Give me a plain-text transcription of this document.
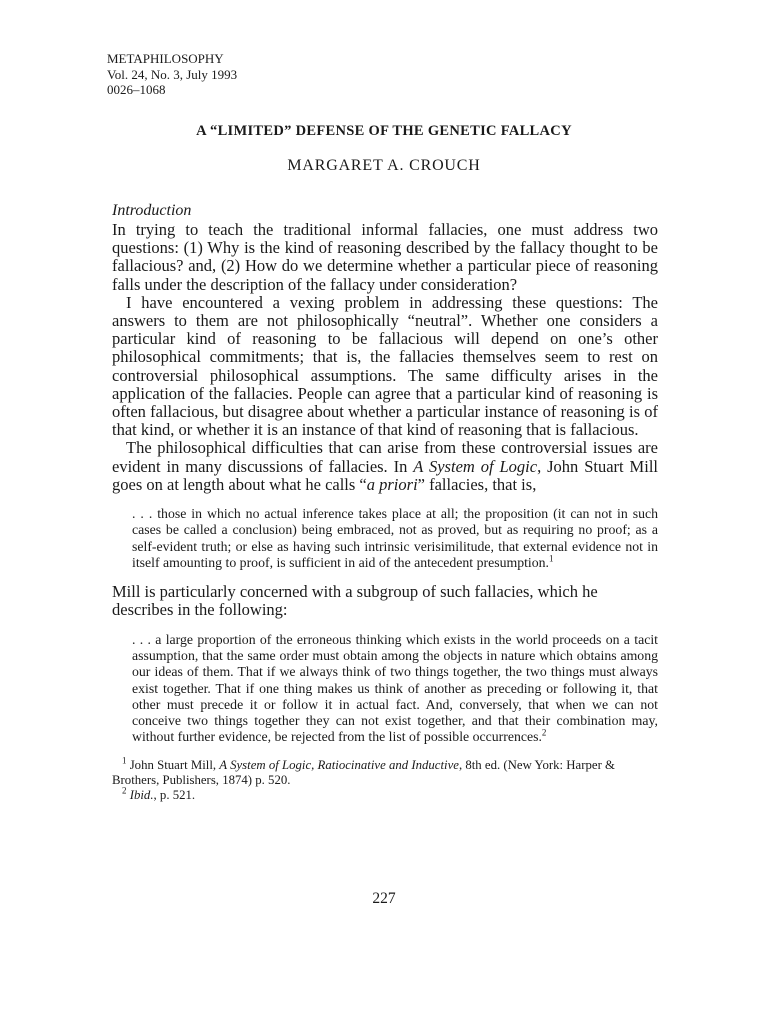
METAPHILOSOPHY
Vol. 24, No. 3, July 1993
0026–1068
A “LIMITED” DEFENSE OF THE GENETIC FALLACY
MARGARET A. CROUCH
Introduction

In trying to teach the traditional informal fallacies, one must address two questions: (1) Why is the kind of reasoning described by the fallacy thought to be fallacious? and, (2) How do we determine whether a particular piece of reasoning falls under the description of the fallacy under consideration?

I have encountered a vexing problem in addressing these questions: The answers to them are not philosophically “neutral”. Whether one considers a particular kind of reasoning to be fallacious will depend on one’s other philosophical commitments; that is, the fallacies themselves seem to rest on controversial philosophical assumptions. The same difficulty arises in the application of the fallacies. People can agree that a particular kind of reasoning is often fallacious, but disagree about whether a particular instance of reasoning is of that kind, or whether it is an instance of that kind of reasoning that is fallacious.

The philosophical difficulties that can arise from these controversial issues are evident in many discussions of fallacies. In A System of Logic, John Stuart Mill goes on at length about what he calls “a priori” fallacies, that is,

. . . those in which no actual inference takes place at all; the proposition (it can not in such cases be called a conclusion) being embraced, not as proved, but as requiring no proof; as a self-evident truth; or else as having such intrinsic verisimilitude, that external evidence not in itself amounting to proof, is sufficient in aid of the antecedent presumption.$^1$

Mill is particularly concerned with a subgroup of such fallacies, which he describes in the following:

. . . a large proportion of the erroneous thinking which exists in the world proceeds on a tacit assumption, that the same order must obtain among the objects in nature which obtains among our ideas of them. That if we always think of two things together, the two things must always exist together. That if one thing makes us think of another as preceding or following it, that other must precede it or follow it in actual fact. And, conversely, that when we can not conceive two things together they can not exist together, and that their combination may, without further evidence, be rejected from the list of possible occurrences.$^2$

$^1$ John Stuart Mill, A System of Logic, Ratiocinative and Inductive, 8th ed. (New York: Harper & Brothers, Publishers, 1874) p. 520.

$^2$ Ibid., p. 521.

227
